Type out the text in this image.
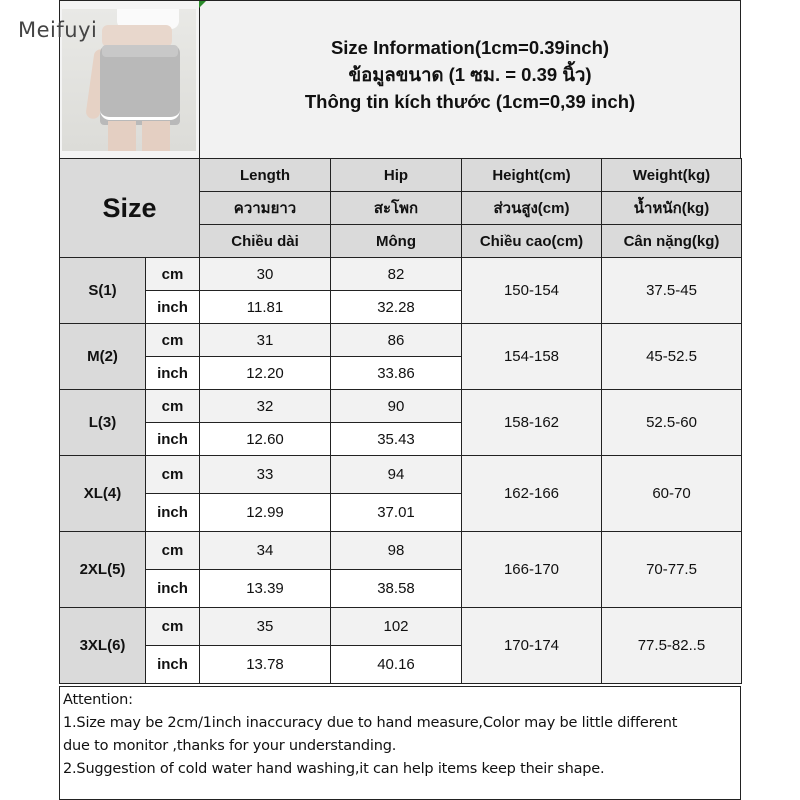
Meifuyi
Size Information(1cm=0.39inch)
ข้อมูลขนาด (1 ซม. = 0.39 นิ้ว)
Thông tin kích thước (1cm=0,39 inch)
Size		Length	Hip	Height(cm)	Weight(kg)
		ความยาว	สะโพก	ส่วนสูง(cm)	น้ำหนัก(kg)
		Chiều dài	Mông	Chiều cao(cm)	Cân nặng(kg)
S(1)	cm	30	82	150-154	37.5-45
	inch	11.81	32.28		
M(2)	cm	31	86	154-158	45-52.5
	inch	12.20	33.86		
L(3)	cm	32	90	158-162	52.5-60
	inch	12.60	35.43		
XL(4)	cm	33	94	162-166	60-70
	inch	12.99	37.01		
2XL(5)	cm	34	98	166-170	70-77.5
	inch	13.39	38.58		
3XL(6)	cm	35	102	170-174	77.5-82..5
	inch	13.78	40.16		
Attention:
1.Size may be 2cm/1inch inaccuracy due to hand measure,Color may be little different
due to monitor ,thanks for your understanding.
2.Suggestion of cold water hand washing,it can help items keep their shape.
